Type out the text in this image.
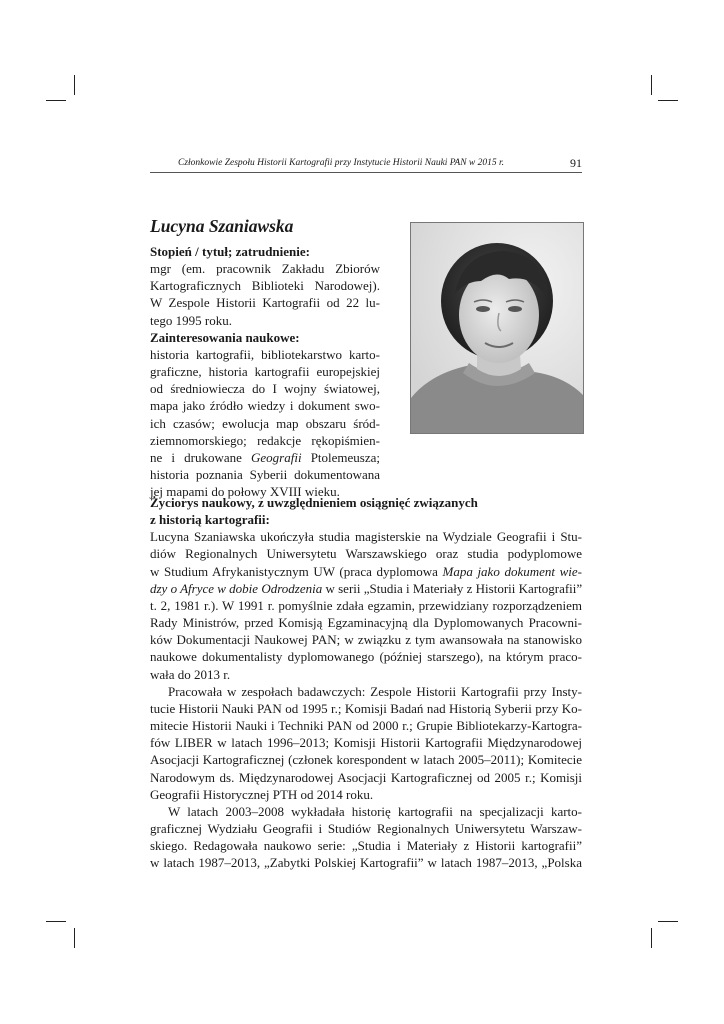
Członkowie Zespołu Historii Kartografii przy Instytucie Historii Nauki PAN w 2015 r.	91
Lucyna Szaniawska
Stopień / tytuł; zatrudnienie:
mgr (em. pracownik Zakładu Zbiorów
Kartograficznych Biblioteki Narodowej).
W Zespole Historii Kartografii od 22 lu-
tego 1995 roku.
Zainteresowania naukowe:
historia kartografii, bibliotekarstwo karto-
graficzne, historia kartografii europejskiej
od średniowiecza do I wojny światowej,
mapa jako źródło wiedzy i dokument swo-
ich czasów; ewolucja map obszaru śród-
ziemnomorskiego; redakcje rękopiśmien-
ne i drukowane Geografii Ptolemeusza;
historia poznania Syberii dokumentowana
jej mapami do połowy XVIII wieku.
Życiorys naukowy, z uwzględnieniem osiągnięć związanych
z historią kartografii:
Lucyna Szaniawska ukończyła studia magisterskie na Wydziale Geografii i Stu-
diów Regionalnych Uniwersytetu Warszawskiego oraz studia podyplomowe
w Studium Afrykanistycznym UW (praca dyplomowa Mapa jako dokument wie-
dzy o Afryce w dobie Odrodzenia w serii „Studia i Materiały z Historii Kartografii”
t. 2, 1981 r.). W 1991 r. pomyślnie zdała egzamin, przewidziany rozporządzeniem
Rady Ministrów, przed Komisją Egzaminacyjną dla Dyplomowanych Pracowni-
ków Dokumentacji Naukowej PAN; w związku z tym awansowała na stanowisko
naukowe dokumentalisty dyplomowanego (później starszego), na którym praco-
wała do 2013 r.
Pracowała w zespołach badawczych: Zespole Historii Kartografii przy Insty-
tucie Historii Nauki PAN od 1995 r.; Komisji Badań nad Historią Syberii przy Ko-
mitecie Historii Nauki i Techniki PAN od 2000 r.; Grupie Bibliotekarzy-Kartogra-
fów LIBER w latach 1996–2013; Komisji Historii Kartografii Międzynarodowej
Asocjacji Kartograficznej (członek korespondent w latach 2005–2011); Komitecie
Narodowym ds. Międzynarodowej Asocjacji Kartograficznej od 2005 r.; Komisji
Geografii Historycznej PTH od 2014 roku.
W latach 2003–2008 wykładała historię kartografii na specjalizacji karto-
graficznej Wydziału Geografii i Studiów Regionalnych Uniwersytetu Warszaw-
skiego. Redagowała naukowo serie: „Studia i Materiały z Historii kartografii”
w latach 1987–2013, „Zabytki Polskiej Kartografii” w latach 1987–2013, „Polska
